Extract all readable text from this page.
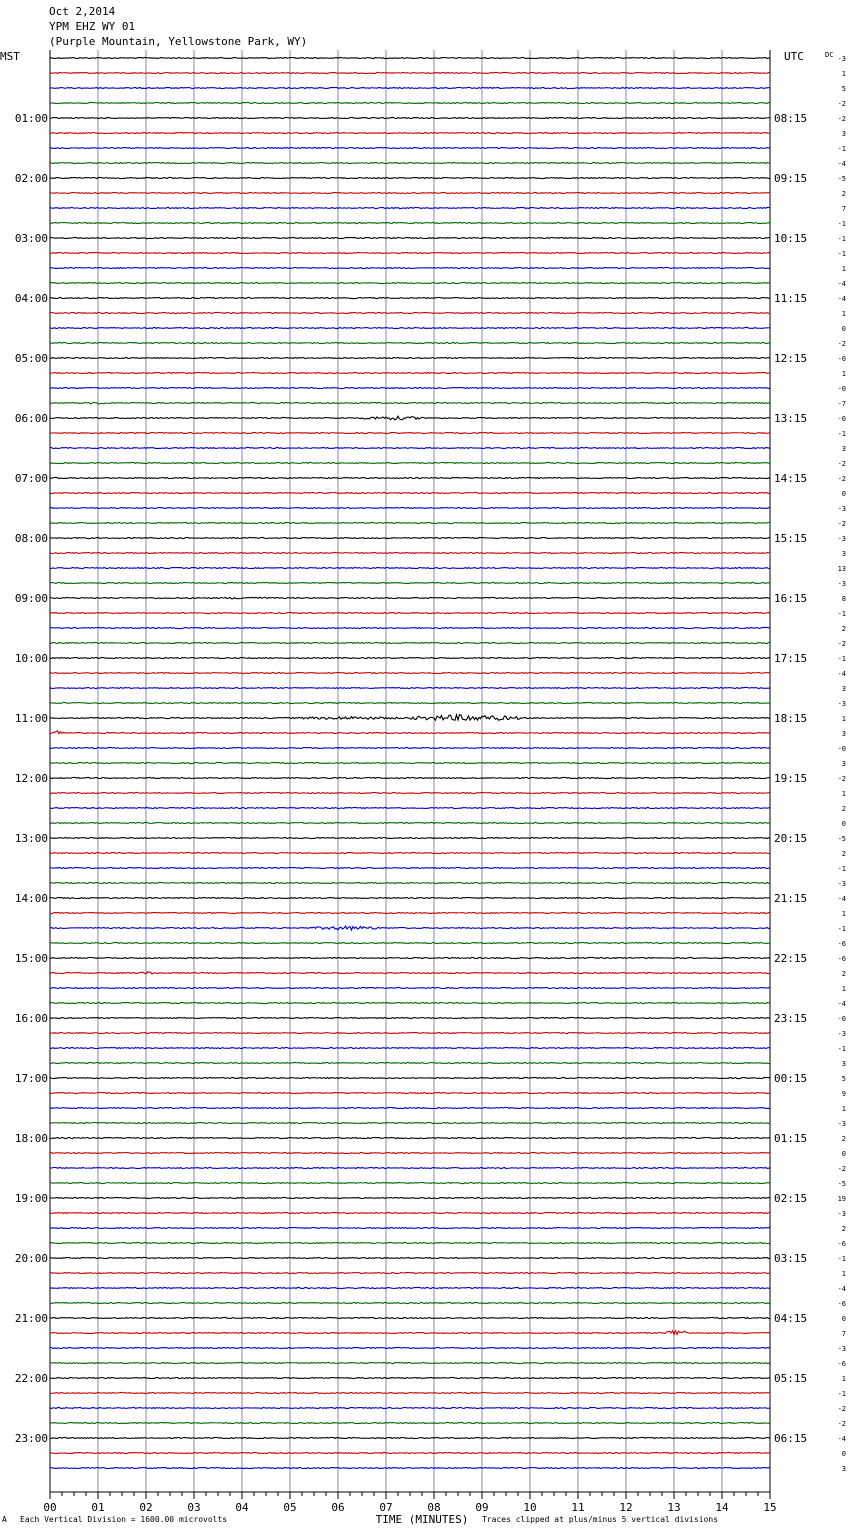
Oct 2,2014
YPM EHZ WY 01
(Purple Mountain, Yellowstone Park, WY)
MST	UTC	DC
01:00
02:00
03:00
04:00
05:00
06:00
07:00
08:00
09:00
10:00
11:00
12:00
13:00
14:00
15:00
16:00
17:00
18:00
19:00
20:00
21:00
22:00
23:00
08:15
09:15
10:15
11:15
12:15
13:15
14:15
15:15
16:15
17:15
18:15
19:15
20:15
21:15
22:15
23:15
00:15
01:15
02:15
03:15
04:15
05:15
06:15
-3
1
5
-2
-2
3
-1
-4
-5
2
7
-1
-1
-1
1
-4
-4
1
0
-2
-0
1
-0
-7
-0
-1
3
-2
-2
0
-3
-2
-3
3
13
-3
8
-1
2
-2
-1
-4
3
-3
1
3
-0
3
-2
1
2
0
-5
2
-1
-3
-4
1
-1
-6
-6
2
1
-4
-0
-3
-1
3
5
9
1
-3
2
0
-2
-5
19
-3
2
-6
-1
1
-4
-6
0
7
-3
-6
1
-1
-2
-2
-4
0
3
00	01	02	03	04	05	06	07	08	09	10	11	12	13	14	15
TIME (MINUTES)
A Each Vertical Division = 1600.00 microvolts	Traces clipped at plus/minus 5 vertical divisions
